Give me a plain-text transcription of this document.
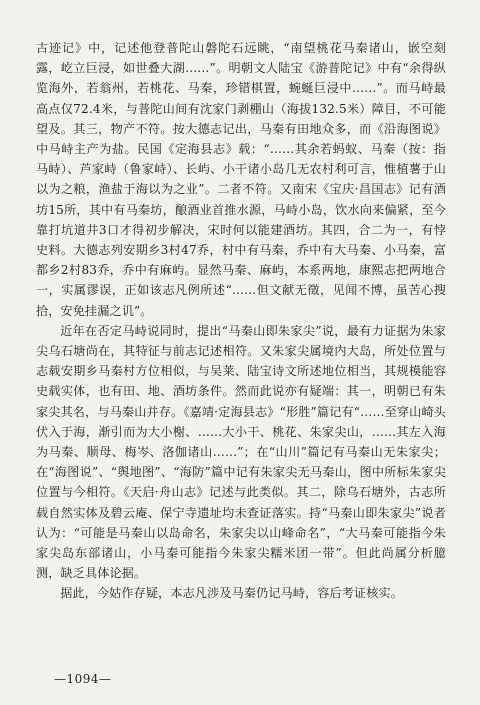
古迹记》中，记述他登普陀山磐陀石远眺，“南望桃花马秦诸山，嵌空刻露，屹立巨浸，如世叠大湖……”。明朝文人陆宝《游普陀记》中有“余得纵览海外，若翁州，若桃花、马秦，珍错棋置，蜿蜒巨浸中……”。而马峙最高点仅72.4米，与普陀山间有沈家门剥棚山（海拔132.5米）障目，不可能望及。其三，物产不符。按大德志记出，马秦有田地众多，而《沿海图说》中马峙主产为盐。民国《定海县志》载：“……其余若蚂蚁、马秦（按：指马峙）、芦家峙（鲁家峙）、长屿、小干诸小岛几无农村利可言，惟植薯于山以为之粮，渔盐于海以为之业”。二者不符。又南宋《宝庆·昌国志》记有酒坊15所，其中有马秦坊，酿酒业首推水源，马峙小岛，饮水向来偏紧，至今靠打坑道井3口才得初步解决，宋时何以能建酒坊。其四，合二为一，有悖史料。大德志列安期乡3村47乔，村中有马秦，乔中有大马秦、小马秦，富都乡2村83乔，乔中有麻屿。显然马秦、麻屿，本系两地，康熙志把两地合一，实属谬误，正如该志凡例所述“……但文献无徵，见闻不博，虽苦心搜拾，安免挂漏之讥”。

近年在否定马峙说同时，提出“马秦山即朱家尖”说，最有力证据为朱家尖乌石塘尚在，其特征与前志记述相符。又朱家尖属境内大岛，所处位置与志载安期乡马秦村方位相似，与吴莱、陆宝诗文所述地位相当，其规模能容史载实体，也有田、地、酒坊条件。然而此说亦有疑端：其一，明朝已有朱家尖其名，与马秦山并存。《嘉靖·定海县志》“形胜”篇记有“……至穿山崎头伏入于海，渐引而为大小榭、……大小干、桃花、朱家尖山，……其左入海为马秦、顺母、梅岑、洛伽诸山……”；在“山川”篇记有马秦山无朱家尖；在“海图说”、“舆地图”、“海防”篇中记有朱家尖无马秦山，图中所标朱家尖位置与今相符。《天启·舟山志》记述与此类似。其二，除乌石塘外，古志所载自然实体及碧云庵、保宁寺遗址均未查证落实。持“马秦山即朱家尖”说者认为：“可能是马秦山以岛命名，朱家尖以山峰命名”，“大马秦可能指今朱家尖岛东部诸山，小马秦可能指今朱家尖糯米团一带”。但此尚属分析臆测，缺乏具体论据。

据此，今姑作存疑，本志凡涉及马秦仍记马峙，容后考证核实。

—1094—
